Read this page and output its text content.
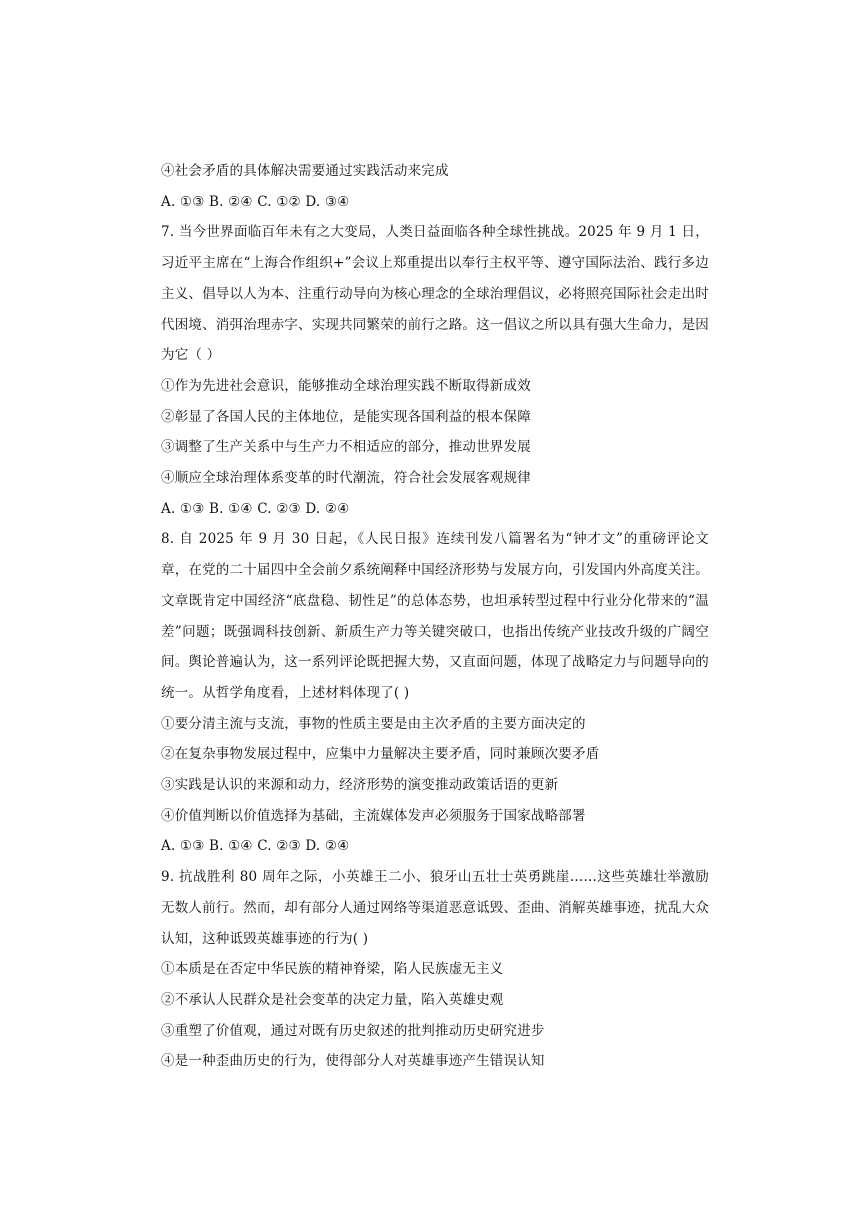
④社会矛盾的具体解决需要通过实践活动来完成
A. ①③ B. ②④ C. ①② D. ③④
7. 当今世界面临百年未有之大变局，人类日益面临各种全球性挑战。2025 年 9 月 1 日，习近平主席在“上海合作组织+”会议上郑重提出以奉行主权平等、遵守国际法治、践行多边主义、倡导以人为本、注重行动导向为核心理念的全球治理倡议，必将照亮国际社会走出时代困境、消弭治理赤字、实现共同繁荣的前行之路。这一倡议之所以具有强大生命力，是因为它（ ）
①作为先进社会意识，能够推动全球治理实践不断取得新成效
②彰显了各国人民的主体地位，是能实现各国利益的根本保障
③调整了生产关系中与生产力不相适应的部分，推动世界发展
④顺应全球治理体系变革的时代潮流，符合社会发展客观规律
A. ①③ B. ①④ C. ②③ D. ②④
8. 自 2025 年 9 月 30 日起，《人民日报》连续刊发八篇署名为“钟才文”的重磅评论文章，在党的二十届四中全会前夕系统阐释中国经济形势与发展方向，引发国内外高度关注。文章既肯定中国经济“底盘稳、韧性足”的总体态势，也坦承转型过程中行业分化带来的“温差”问题；既强调科技创新、新质生产力等关键突破口，也指出传统产业技改升级的广阔空间。舆论普遍认为，这一系列评论既把握大势，又直面问题，体现了战略定力与问题导向的统一。从哲学角度看，上述材料体现了( )
①要分清主流与支流，事物的性质主要是由主次矛盾的主要方面决定的
②在复杂事物发展过程中，应集中力量解决主要矛盾，同时兼顾次要矛盾
③实践是认识的来源和动力，经济形势的演变推动政策话语的更新
④价值判断以价值选择为基础，主流媒体发声必须服务于国家战略部署
A. ①③ B. ①④ C. ②③ D. ②④
9. 抗战胜利 80 周年之际，小英雄王二小、狼牙山五壮士英勇跳崖……这些英雄壮举激励无数人前行。然而，却有部分人通过网络等渠道恶意诋毁、歪曲、消解英雄事迹，扰乱大众认知，这种诋毁英雄事迹的行为( )
①本质是在否定中华民族的精神脊梁，陷人民族虚无主义
②不承认人民群众是社会变革的决定力量，陷入英雄史观
③重塑了价值观，通过对既有历史叙述的批判推动历史研究进步
④是一种歪曲历史的行为，使得部分人对英雄事迹产生错误认知
